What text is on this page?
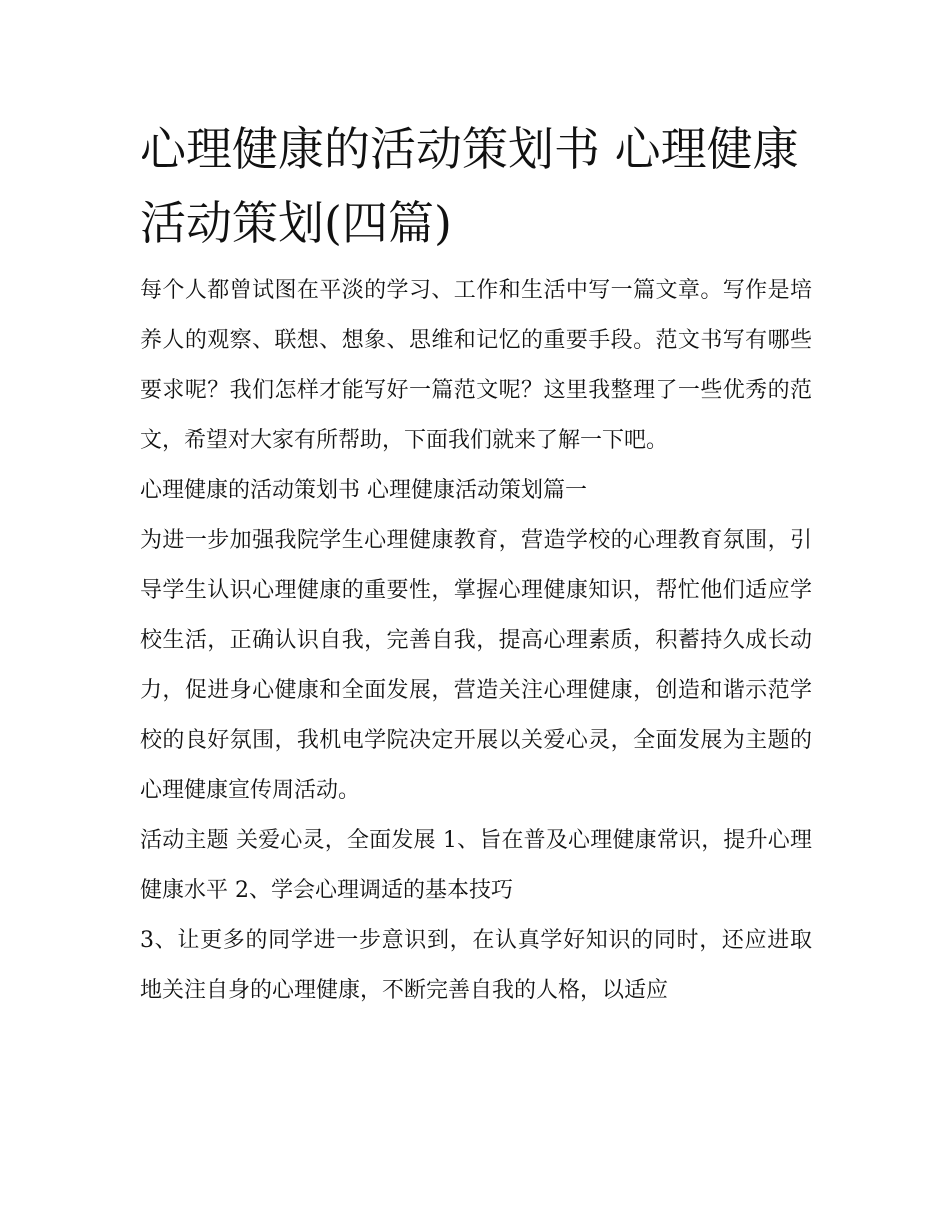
心理健康的活动策划书 心理健康活动策划(四篇)

每个人都曾试图在平淡的学习、工作和生活中写一篇文章。写作是培养人的观察、联想、想象、思维和记忆的重要手段。范文书写有哪些要求呢？我们怎样才能写好一篇范文呢？这里我整理了一些优秀的范文，希望对大家有所帮助，下面我们就来了解一下吧。

心理健康的活动策划书 心理健康活动策划篇一

为进一步加强我院学生心理健康教育，营造学校的心理教育氛围，引导学生认识心理健康的重要性，掌握心理健康知识，帮忙他们适应学校生活，正确认识自我，完善自我，提高心理素质，积蓄持久成长动力，促进身心健康和全面发展，营造关注心理健康，创造和谐示范学校的良好氛围，我机电学院决定开展以关爱心灵，全面发展为主题的心理健康宣传周活动。

活动主题 关爱心灵，全面发展 1、旨在普及心理健康常识，提升心理健康水平 2、学会心理调适的基本技巧

3、让更多的同学进一步意识到，在认真学好知识的同时，还应进取地关注自身的心理健康，不断完善自我的人格，以适应
